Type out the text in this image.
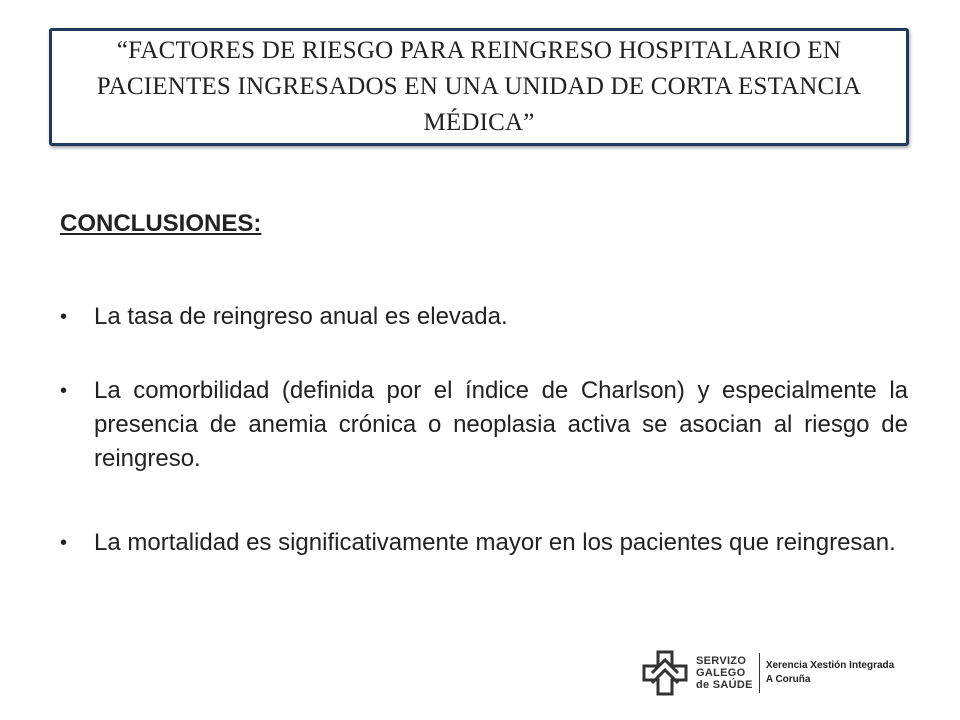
“FACTORES DE RIESGO PARA REINGRESO HOSPITALARIO EN PACIENTES INGRESADOS EN UNA UNIDAD DE CORTA ESTANCIA MÉDICA”
CONCLUSIONES:
• La tasa de reingreso anual es elevada.
• La comorbilidad (definida por el índice de Charlson) y especialmente la presencia de anemia crónica o neoplasia activa se asocian al riesgo de reingreso.
• La mortalidad es significativamente mayor en los pacientes que reingresan.
SERVIZO
GALEGO
de SAÚDE
Xerencia Xestión Integrada
A Coruña
